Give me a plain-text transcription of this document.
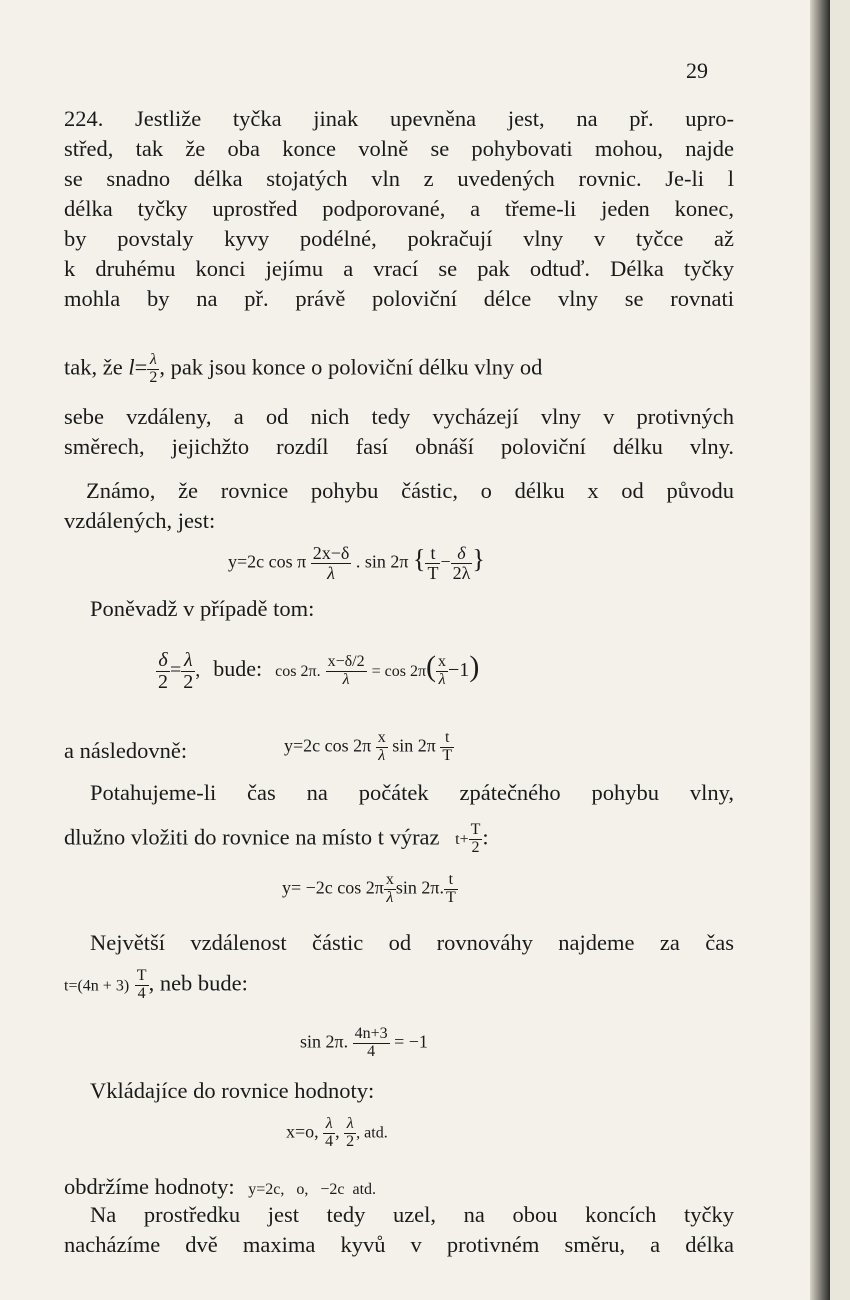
29
224. Jestliže tyčka jinak upevněna jest, na př. upro-
střed, tak že oba konce volně se pohybovati mohou, najde
se snadno délka stojatých vln z uvedených rovnic. Je-li l
délka tyčky uprostřed podporované, a třeme-li jeden konec,
by povstaly kyvy podélné, pokračují vlny v tyčce až
k druhému konci jejímu a vrací se pak odtuď. Délka tyčky
mohla by na př. právě poloviční délce vlny se rovnati
tak, že $l= \frac{\lambda}{2}$ , pak jsou konce o poloviční délku vlny od
sebe vzdáleny, a od nich tedy vycházejí vlny v protivných
směrech, jejichžto rozdíl fasí obnáší poloviční délku vlny.
Známo, že rovnice pohybu částic, o délku x od původu
vzdálených, jest:
y=2c cos π $\frac{2x-\delta}{\lambda}$ . sin 2π { $\frac{t}{T} - \frac{\delta}{2\lambda}$ }
Poněvadž v případě tom:
$\frac{\delta}{2} = \frac{\lambda}{2}$ , bude: cos 2π. $\frac{x-\delta/2}{\lambda} = \cos 2\pi( \frac{x}{\lambda} -1)$
a následovně:	y=2c $\cos 2\pi \frac{x}{\lambda}$ $\sin 2\pi \frac{t}{T}$
Potahujeme-li čas na počátek zpátečného pohybu vlny,
dlužno vložiti do rovnice na místo t výraz $t+ \frac{T}{2}$ :
y= −2c $\cos 2\pi \frac{x}{\lambda}$ sin 2π. $\frac{t}{T}$
Největší vzdálenost částic od rovnováhy najdeme za čas
$t=(4n + 3) \frac{T}{4}$ , neb bude:
sin 2π. $\frac{4n+3}{4} = -1$
Vkládajíce do rovnice hodnoty:
x=o, $\frac{\lambda}{4}$ , $\frac{\lambda}{2}$ , atd.
obdržíme hodnoty: y=2c,   o,   −2c  atd.
Na prostředku jest tedy uzel, na obou koncích tyčky
nacházíme dvě maxima kyvů v protivném směru, a délka
